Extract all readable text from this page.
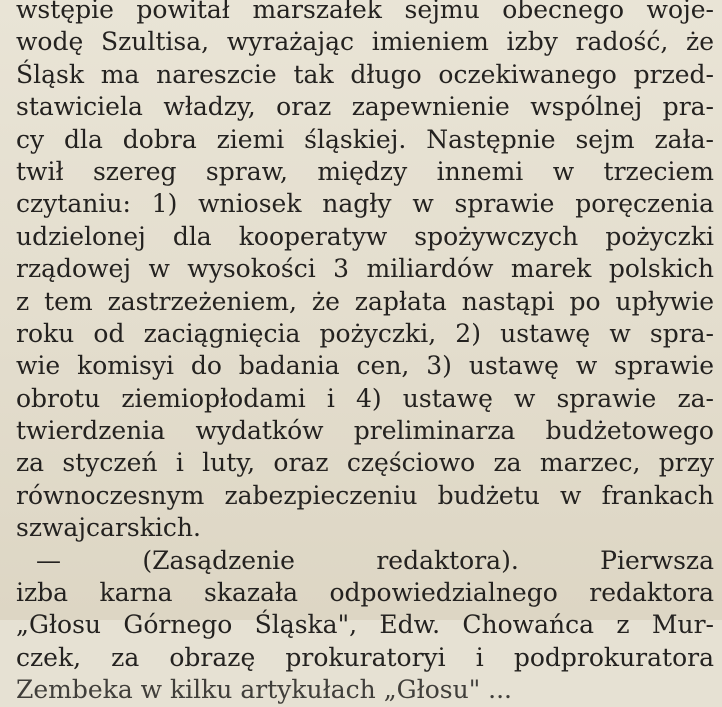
wstępie powitał marszałek sejmu obecnego woje-
wodę Szultisa, wyrażając imieniem izby radość, że
Śląsk ma nareszcie tak długo oczekiwanego przed-
stawiciela władzy, oraz zapewnienie wspólnej pra-
cy dla dobra ziemi śląskiej. Następnie sejm zała-
twił szereg spraw, między innemi w trzeciem
czytaniu: 1) wniosek nagły w sprawie poręczenia
udzielonej dla kooperatyw spożywczych pożyczki
rządowej w wysokości 3 miliardów marek polskich
z tem zastrzeżeniem, że zapłata nastąpi po upływie
roku od zaciągnięcia pożyczki, 2) ustawę w spra-
wie komisyi do badania cen, 3) ustawę w sprawie
obrotu ziemiopłodami i 4) ustawę w sprawie za-
twierdzenia wydatków preliminarza budżetowego
za styczeń i luty, oraz częściowo za marzec, przy
równoczesnym zabezpieczeniu budżetu w frankach
szwajcarskich.
— (Zasądzenie redaktora). Pierwsza
izba karna skazała odpowiedzialnego redaktora
„Głosu Górnego Śląska", Edw. Chowańca z Mur-
czek, za obrazę prokuratoryi i podprokuratora
Zembeka w kilku artykułach „Głosu" ...
